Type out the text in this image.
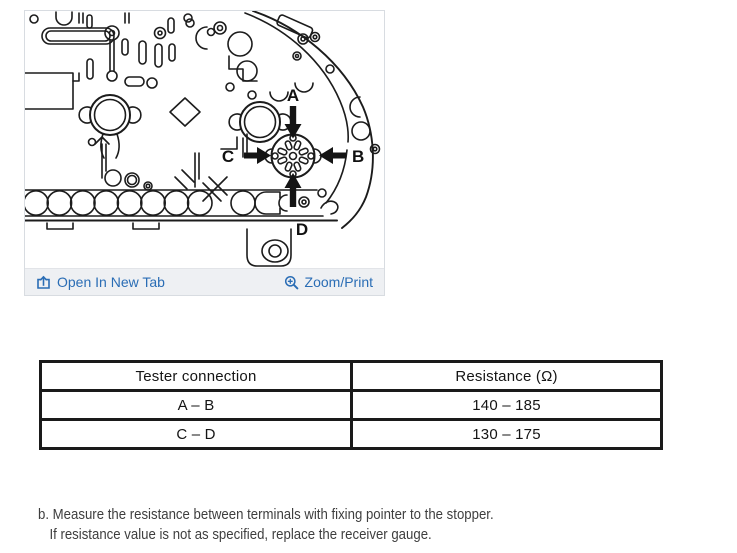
A
B
C
D
Open In New Tab	Zoom/Print
Tester connection	Resistance (Ω)
A – B	140 – 185
C – D	130 – 175
b. Measure the resistance between terminals with fixing pointer to the stopper.
If resistance value is not as specified, replace the receiver gauge.
